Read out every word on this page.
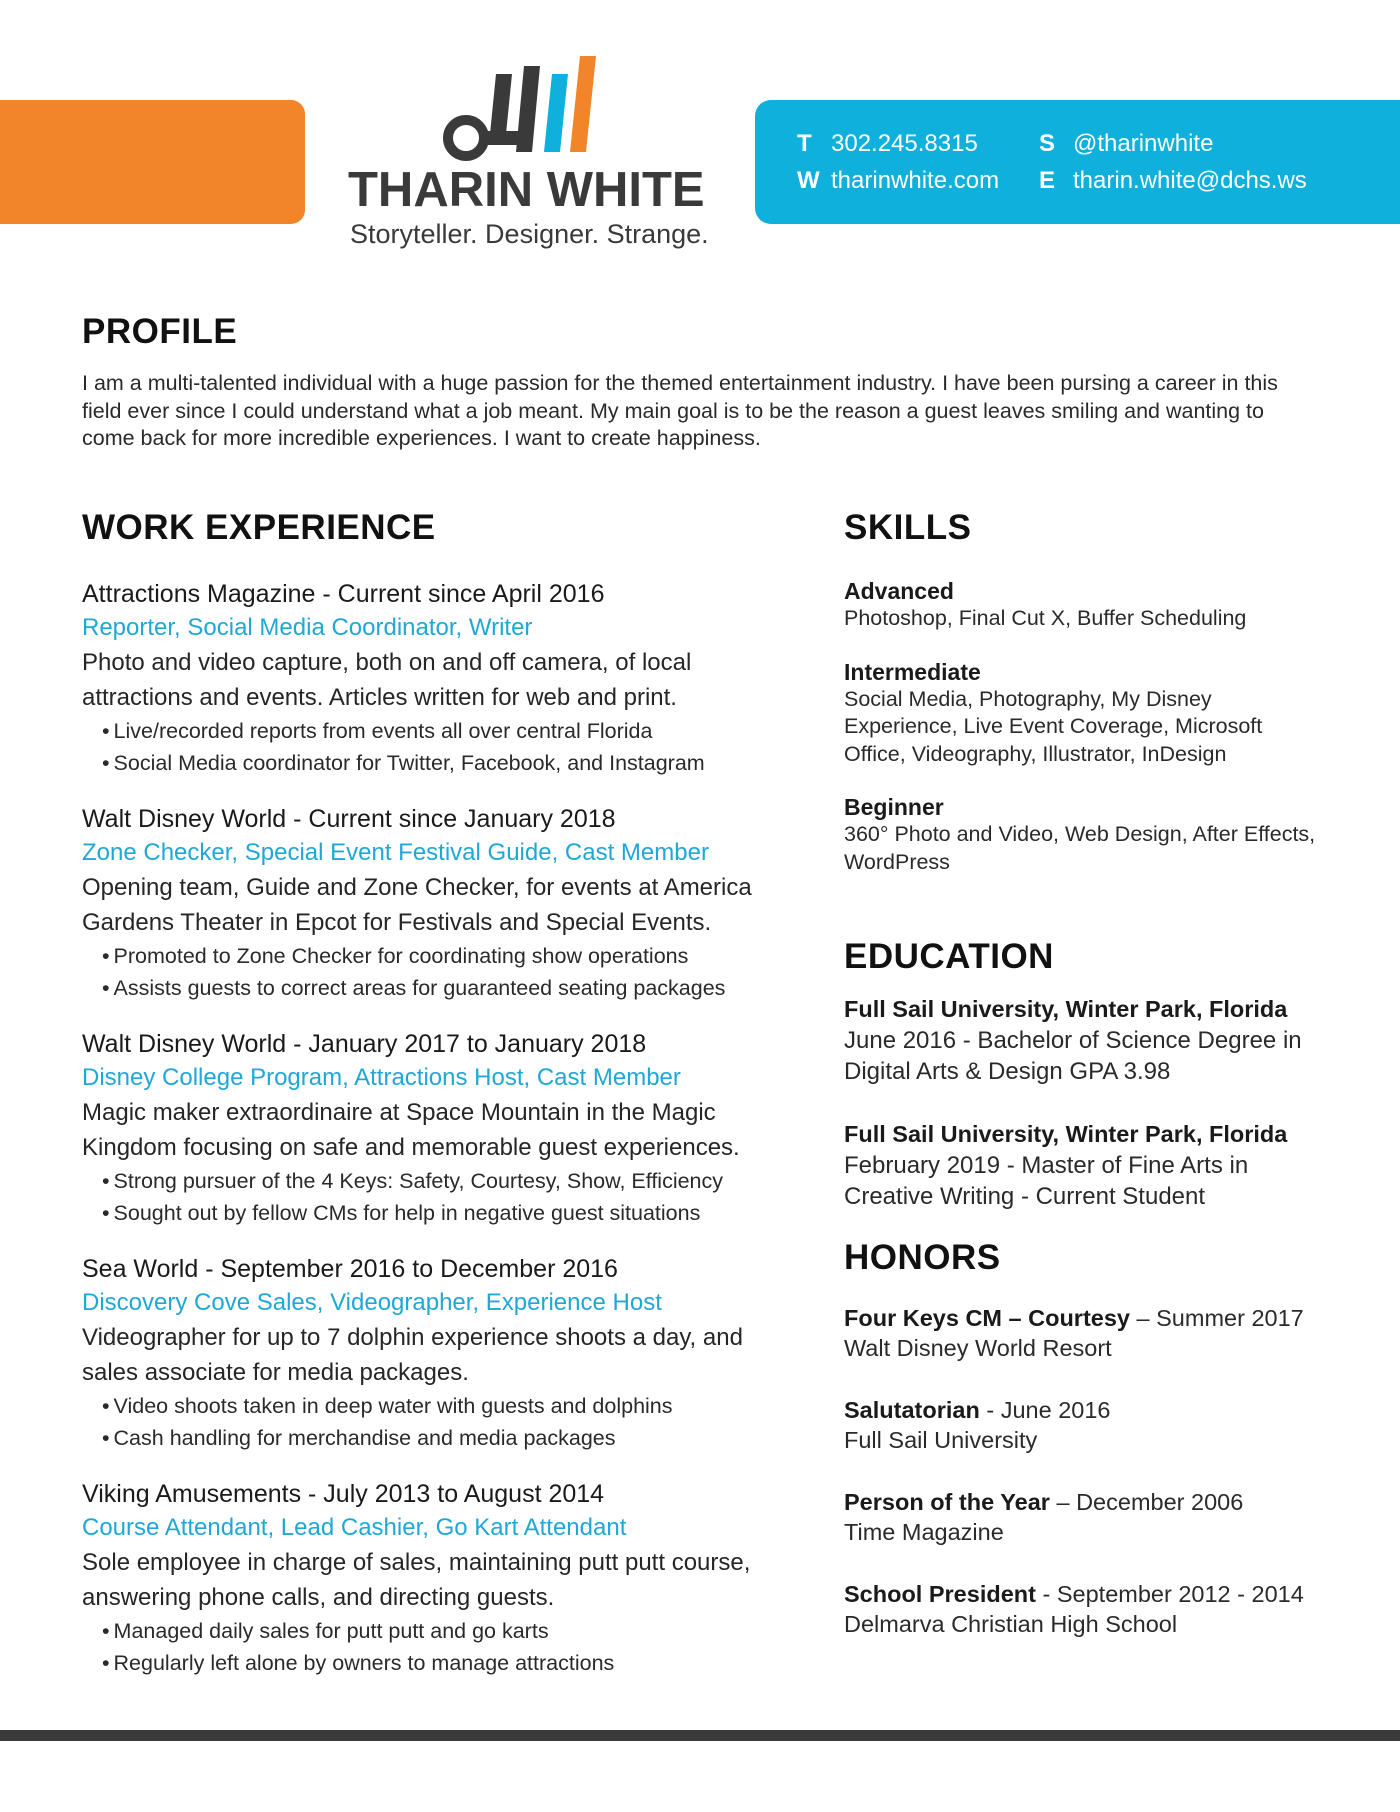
THARIN WHITE
Storyteller. Designer. Strange.
T 302.245.8315
W tharinwhite.com
S @tharinwhite
E tharin.white@dchs.ws
PROFILE
I am a multi-talented individual with a huge passion for the themed entertainment industry. I have been pursing a career in this field ever since I could understand what a job meant. My main goal is to be the reason a guest leaves smiling and wanting to come back for more incredible experiences. I want to create happiness.
WORK EXPERIENCE
Attractions Magazine - Current since April 2016
Reporter, Social Media Coordinator, Writer
Photo and video capture, both on and off camera, of local attractions and events. Articles written for web and print.
• Live/recorded reports from events all over central Florida
• Social Media coordinator for Twitter, Facebook, and Instagram
Walt Disney World - Current since January 2018
Zone Checker, Special Event Festival Guide, Cast Member
Opening team, Guide and Zone Checker, for events at America Gardens Theater in Epcot for Festivals and Special Events.
• Promoted to Zone Checker for coordinating show operations
• Assists guests to correct areas for guaranteed seating packages
Walt Disney World - January 2017 to January 2018
Disney College Program, Attractions Host, Cast Member
Magic maker extraordinaire at Space Mountain in the Magic Kingdom focusing on safe and memorable guest experiences.
• Strong pursuer of the 4 Keys: Safety, Courtesy, Show, Efficiency
• Sought out by fellow CMs for help in negative guest situations
Sea World - September 2016 to December 2016
Discovery Cove Sales, Videographer, Experience Host
Videographer for up to 7 dolphin experience shoots a day, and sales associate for media packages.
• Video shoots taken in deep water with guests and dolphins
• Cash handling for merchandise and media packages
Viking Amusements - July 2013 to August 2014
Course Attendant, Lead Cashier, Go Kart Attendant
Sole employee in charge of sales, maintaining putt putt course, answering phone calls, and directing guests.
• Managed daily sales for putt putt and go karts
• Regularly left alone by owners to manage attractions
SKILLS
Advanced
Photoshop, Final Cut X, Buffer Scheduling
Intermediate
Social Media, Photography, My Disney Experience, Live Event Coverage, Microsoft Office, Videography, Illustrator, InDesign
Beginner
360° Photo and Video, Web Design, After Effects, WordPress
EDUCATION
Full Sail University, Winter Park, Florida
June 2016 - Bachelor of Science Degree in Digital Arts & Design GPA 3.98
Full Sail University, Winter Park, Florida
February 2019 - Master of Fine Arts in Creative Writing - Current Student
HONORS
Four Keys CM – Courtesy – Summer 2017
Walt Disney World Resort
Salutatorian - June 2016
Full Sail University
Person of the Year – December 2006
Time Magazine
School President - September 2012 - 2014
Delmarva Christian High School
